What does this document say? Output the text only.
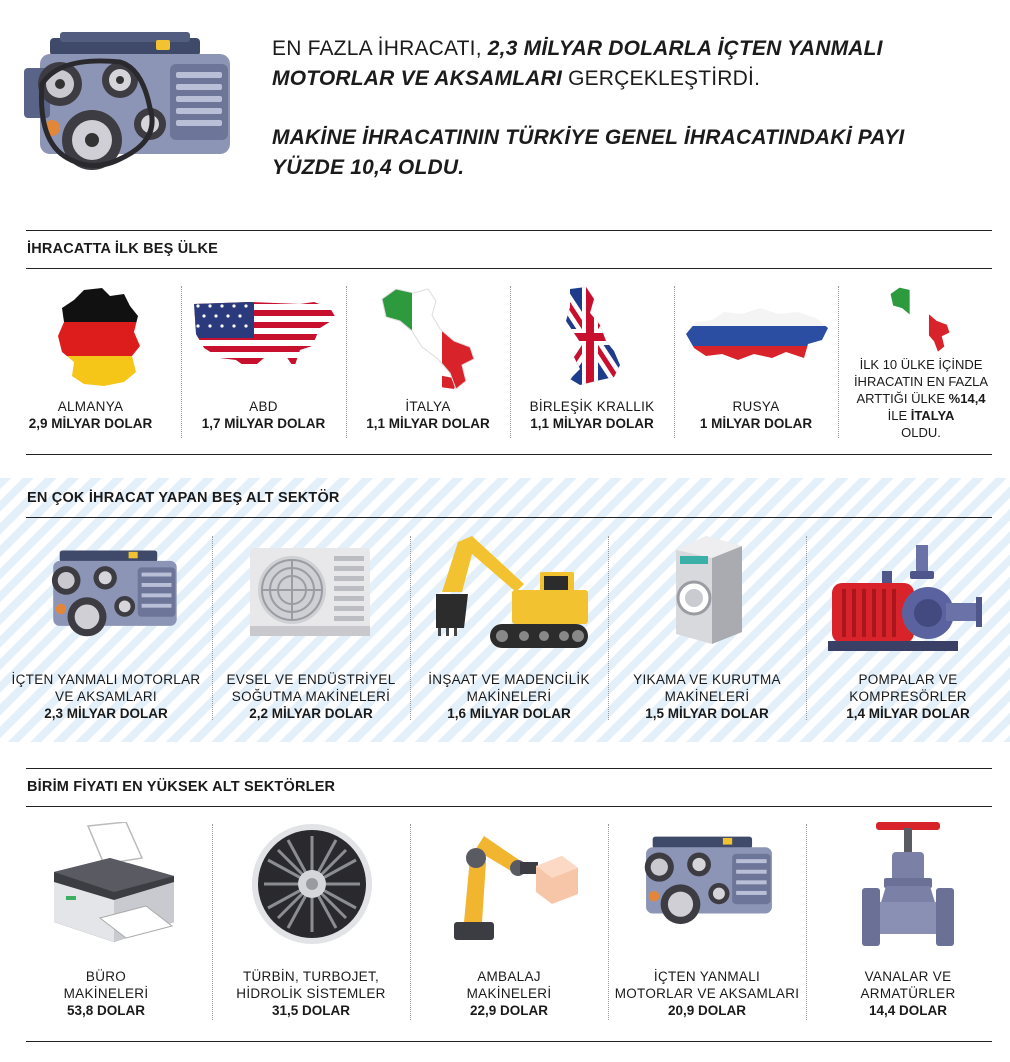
EN FAZLA İHRACATI, 2,3 MİLYAR DOLARLA İÇTEN YANMALI MOTORLAR VE AKSAMLARI GERÇEKLEŞTİRDİ.
MAKİNE İHRACATININ TÜRKİYE GENEL İHRACATINDAKİ PAYI YÜZDE 10,4 OLDU.
İHRACATTA İLK BEŞ ÜLKE
ALMANYA
2,9 MİLYAR DOLAR
ABD
1,7 MİLYAR DOLAR
İTALYA
1,1 MİLYAR DOLAR
BİRLEŞİK KRALLIK
1,1 MİLYAR DOLAR
RUSYA
1 MİLYAR DOLAR
İLK 10 ÜLKE İÇİNDE
İHRACATIN EN FAZLA
ARTTIĞI ÜLKE %14,4
İLE İTALYA
OLDU.
EN ÇOK İHRACAT YAPAN BEŞ ALT SEKTÖR
İÇTEN YANMALI MOTORLAR
VE AKSAMLARI
2,3 MİLYAR DOLAR
EVSEL VE ENDÜSTRİYEL
SOĞUTMA MAKİNELERİ
2,2 MİLYAR DOLAR
İNŞAAT VE MADENCİLİK
MAKİNELERİ
1,6 MİLYAR DOLAR
YIKAMA VE KURUTMA
MAKİNELERİ
1,5 MİLYAR DOLAR
POMPALAR VE
KOMPRESÖRLER
1,4 MİLYAR DOLAR
BİRİM FİYATI EN YÜKSEK ALT SEKTÖRLER
BÜRO
MAKİNELERİ
53,8 DOLAR
TÜRBİN, TURBOJET,
HİDROLİK SİSTEMLER
31,5 DOLAR
AMBALAJ
MAKİNELERİ
22,9 DOLAR
İÇTEN YANMALI
MOTORLAR VE AKSAMLARI
20,9 DOLAR
VANALAR VE
ARMATÜRLER
14,4 DOLAR
